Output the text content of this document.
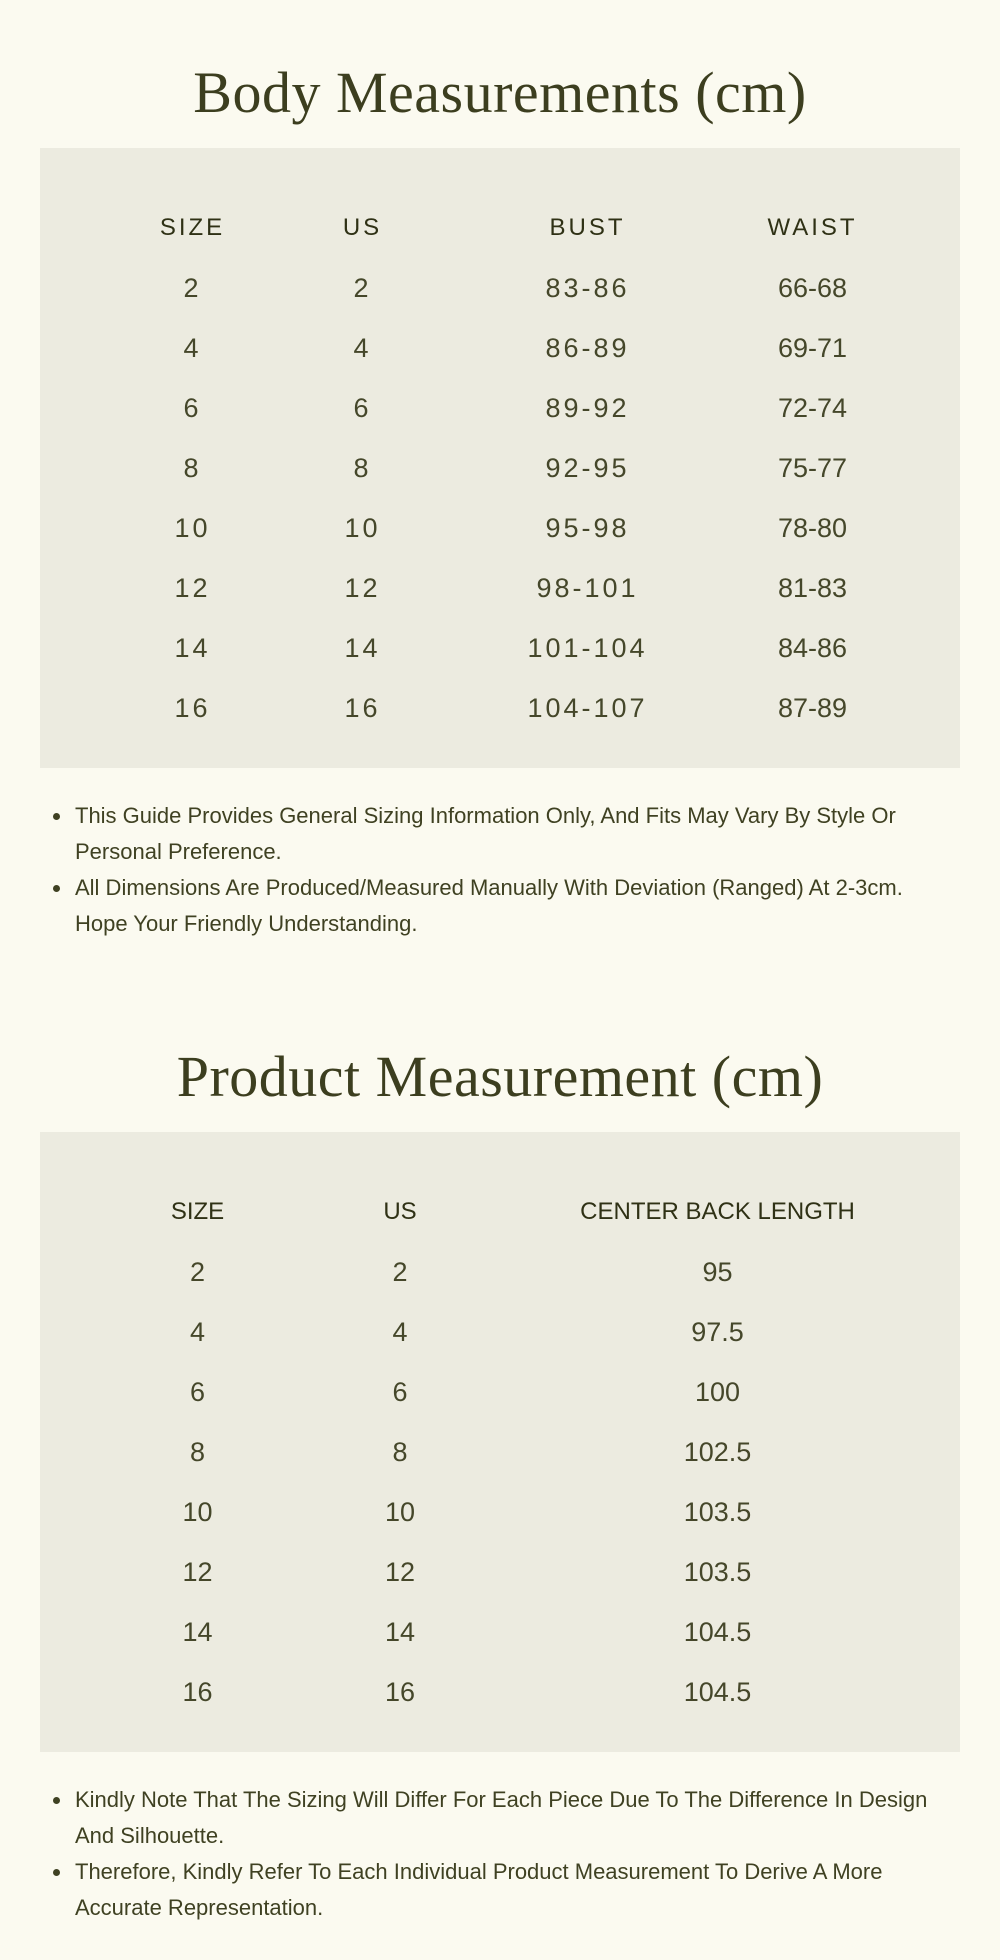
Body Measurements (cm)
SIZE	US	BUST	WAIST
2	2	83-86	66-68
4	4	86-89	69-71
6	6	89-92	72-74
8	8	92-95	75-77
10	10	95-98	78-80
12	12	98-101	81-83
14	14	101-104	84-86
16	16	104-107	87-89
This Guide Provides General Sizing Information Only, And Fits May Vary By Style Or Personal Preference.
All Dimensions Are Produced/Measured Manually With Deviation (Ranged) At 2-3cm. Hope Your Friendly Understanding.
Product Measurement (cm)
SIZE	US	CENTER BACK LENGTH
2	2	95
4	4	97.5
6	6	100
8	8	102.5
10	10	103.5
12	12	103.5
14	14	104.5
16	16	104.5
Kindly Note That The Sizing Will Differ For Each Piece Due To The Difference In Design And Silhouette.
Therefore, Kindly Refer To Each Individual Product Measurement To Derive A More Accurate Representation.
